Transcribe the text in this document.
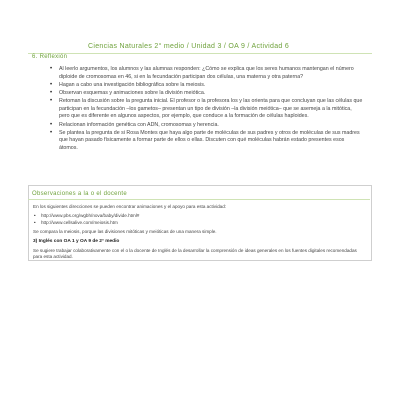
Ciencias Naturales 2° medio / Unidad 3 / OA 9 / Actividad 6
6. Reflexión
• Al leerlo argumentos, los alumnos y las alumnas responden: ¿Cómo se explica que los seres humanos mantengan el número diploide de cromosomas en 46, si en la fecundación participan dos células, una materna y otra paterna?
• Hagan a cabo una investigación bibliográfica sobre la meiosis.
• Observan esquemas y animaciones sobre la división meiótica.
• Retoman la discusión sobre la pregunta inicial. El profesor o la profesora los y las orienta para que concluyan que las células que participan en la fecundación –los gametos– presentan un tipo de división –la división meiótica– que se asemeja a la mitótica, pero que es diferente en algunos aspectos, por ejemplo, que conduce a la formación de células haploides.
• Relacionan información genética con ADN, cromosomas y herencia.
• Se plantea la pregunta de si Rosa Montes que haya algo parte de moléculas de sus padres y otros de moléculas de sus madres que hayan pasado físicamente a formar parte de ellos o ellas. Discuten con qué moléculas habrán estado presentes esos átomos.
Observaciones a la o el docente

En los siguientes direcciones se pueden encontrar animaciones y el apoyo para esta actividad:

• http://www.pbs.org/wgbh/nova/baby/divide.html#
• http://www.cellsalive.com/meiosis.htm

Se compara la meiosis, porque las divisiones mitóticas y meióticas de una manera simple.

3) Inglés con OA 1 y OA 9 de 2° medio

Se sugiere trabajar colaborativamente con el o la docente de Inglés de la desarrollar la comprensión de ideas generales en los fuentes digitales recomendadas para esta actividad.
